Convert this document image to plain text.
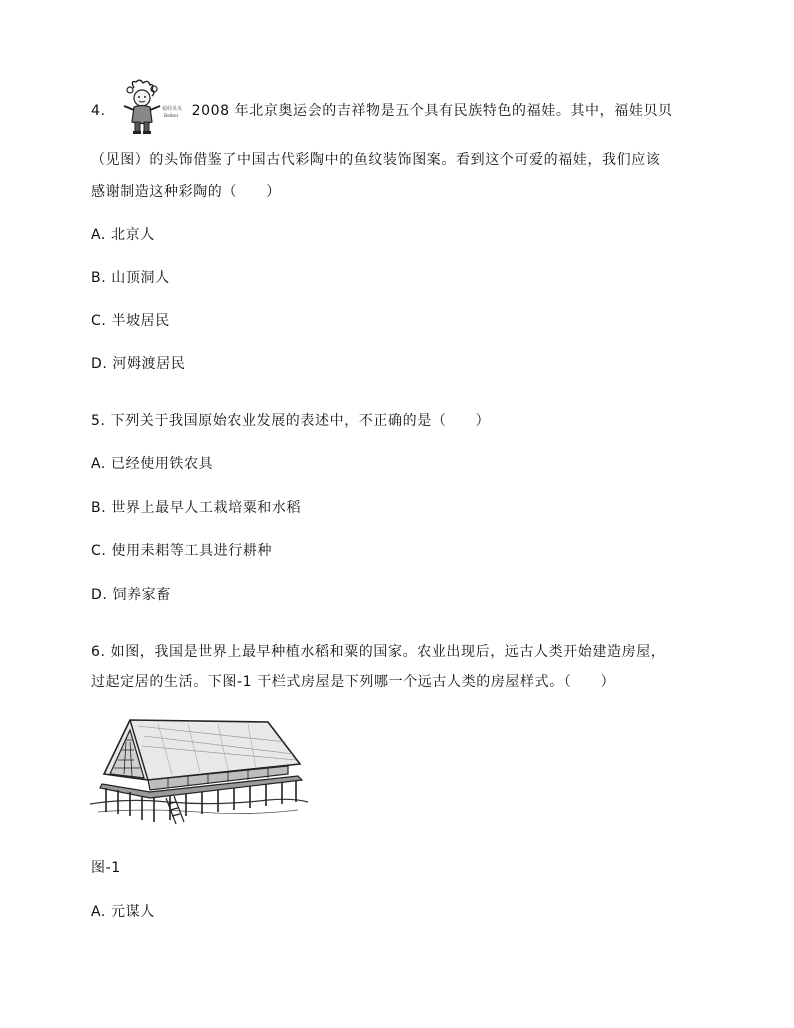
4.	福娃贝贝
Beibei 2008 年北京奥运会的吉祥物是五个具有民族特色的福娃。其中，福娃贝贝
（见图）的头饰借鉴了中国古代彩陶中的鱼纹装饰图案。看到这个可爱的福娃，我们应该
感谢制造这种彩陶的（　　）
A. 北京人
B. 山顶洞人
C. 半坡居民
D. 河姆渡居民
5. 下列关于我国原始农业发展的表述中，不正确的是（　　）
A. 已经使用铁农具
B. 世界上最早人工栽培粟和水稻
C. 使用耒耜等工具进行耕种
D. 饲养家畜
6. 如图，我国是世界上最早种植水稻和粟的国家。农业出现后，远古人类开始建造房屋，
过起定居的生活。下图-1 干栏式房屋是下列哪一个远古人类的房屋样式。（　　）
图-1
A. 元谋人
